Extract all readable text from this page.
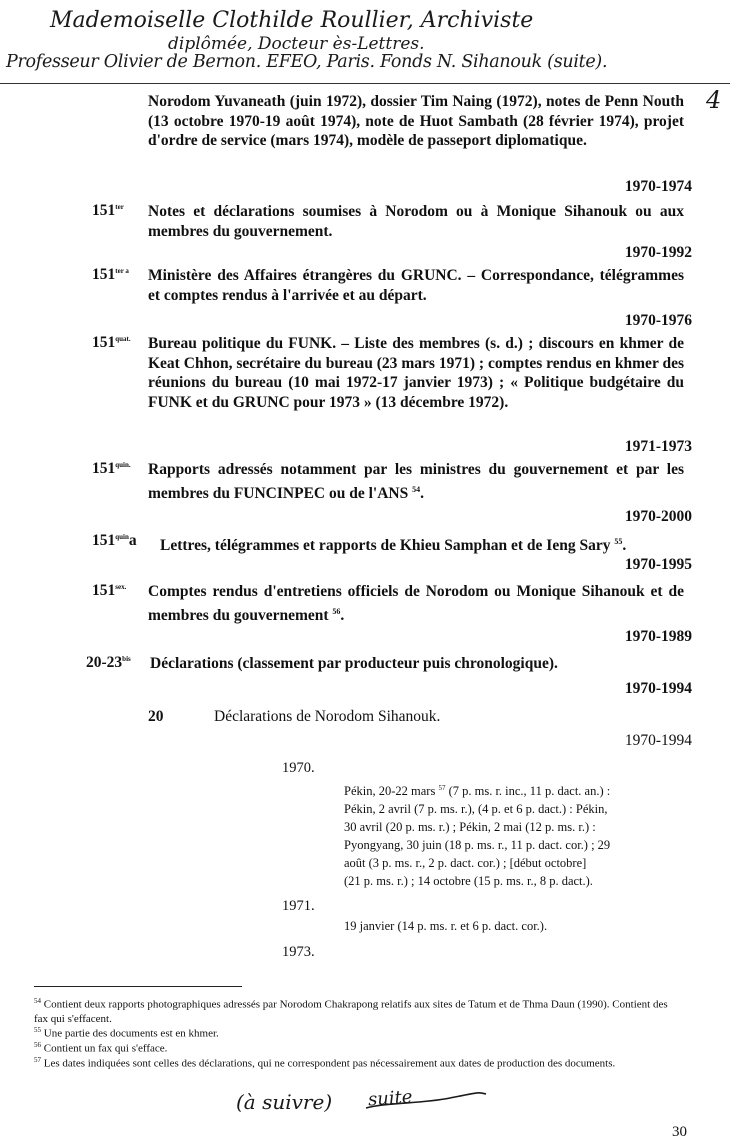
Mademoiselle Clothilde Roullier, Archiviste
diplômée, Docteur ès-Lettres.
Professeur Olivier de Bernon. EFEO, Paris. Fonds N. Sihanouk (suite).
4
Norodom Yuvaneath (juin 1972), dossier Tim Naing (1972), notes de Penn Nouth (13 octobre 1970-19 août 1974), note de Huot Sambath (28 février 1974), projet d'ordre de service (mars 1974), modèle de passeport diplomatique.
1970-1974
$151^{ter}$ Notes et déclarations soumises à Norodom ou à Monique Sihanouk ou aux membres du gouvernement.
1970-1992
$151^{ter a}$ Ministère des Affaires étrangères du GRUNC. – Correspondance, télégrammes et comptes rendus à l'arrivée et au départ.
1970-1976
$151^{quat.}$ Bureau politique du FUNK. – Liste des membres (s. d.) ; discours en khmer de Keat Chhon, secrétaire du bureau (23 mars 1971) ; comptes rendus en khmer des réunions du bureau (10 mai 1972-17 janvier 1973) ; « Politique budgétaire du FUNK et du GRUNC pour 1973 » (13 décembre 1972).
1971-1973
$151^{quin.}$ Rapports adressés notamment par les ministres du gouvernement et par les membres du FUNCINPEC ou de l'ANS $^{54}$.
1970-2000
$151^{quin}a$ Lettres, télégrammes et rapports de Khieu Samphan et de Ieng Sary $^{55}$.
1970-1995
$151^{sex.}$ Comptes rendus d'entretiens officiels de Norodom ou Monique Sihanouk et de membres du gouvernement $^{56}$.
1970-1989
$20-23^{bis}$ Déclarations (classement par producteur puis chronologique).
1970-1994
20	Déclarations de Norodom Sihanouk.
1970-1994
1970.
Pékin, 20-22 mars $^{57}$ (7 p. ms. r. inc., 11 p. dact. an.) :
Pékin, 2 avril (7 p. ms. r.), (4 p. et 6 p. dact.) : Pékin,
30 avril (20 p. ms. r.) ; Pékin, 2 mai (12 p. ms. r.) :
Pyongyang, 30 juin (18 p. ms. r., 11 p. dact. cor.) ; 29
août (3 p. ms. r., 2 p. dact. cor.) ; [début octobre]
(21 p. ms. r.) ; 14 octobre (15 p. ms. r., 8 p. dact.).
1971.
19 janvier (14 p. ms. r. et 6 p. dact. cor.).
1973.
$^{54}$ Contient deux rapports photographiques adressés par Norodom Chakrapong relatifs aux sites de Tatum et de Thma Daun (1990). Contient des fax qui s'effacent.
$^{55}$ Une partie des documents est en khmer.
$^{56}$ Contient un fax qui s'efface.
$^{57}$ Les dates indiquées sont celles des déclarations, qui ne correspondent pas nécessairement aux dates de production des documents.
(à suivre) suite
30
